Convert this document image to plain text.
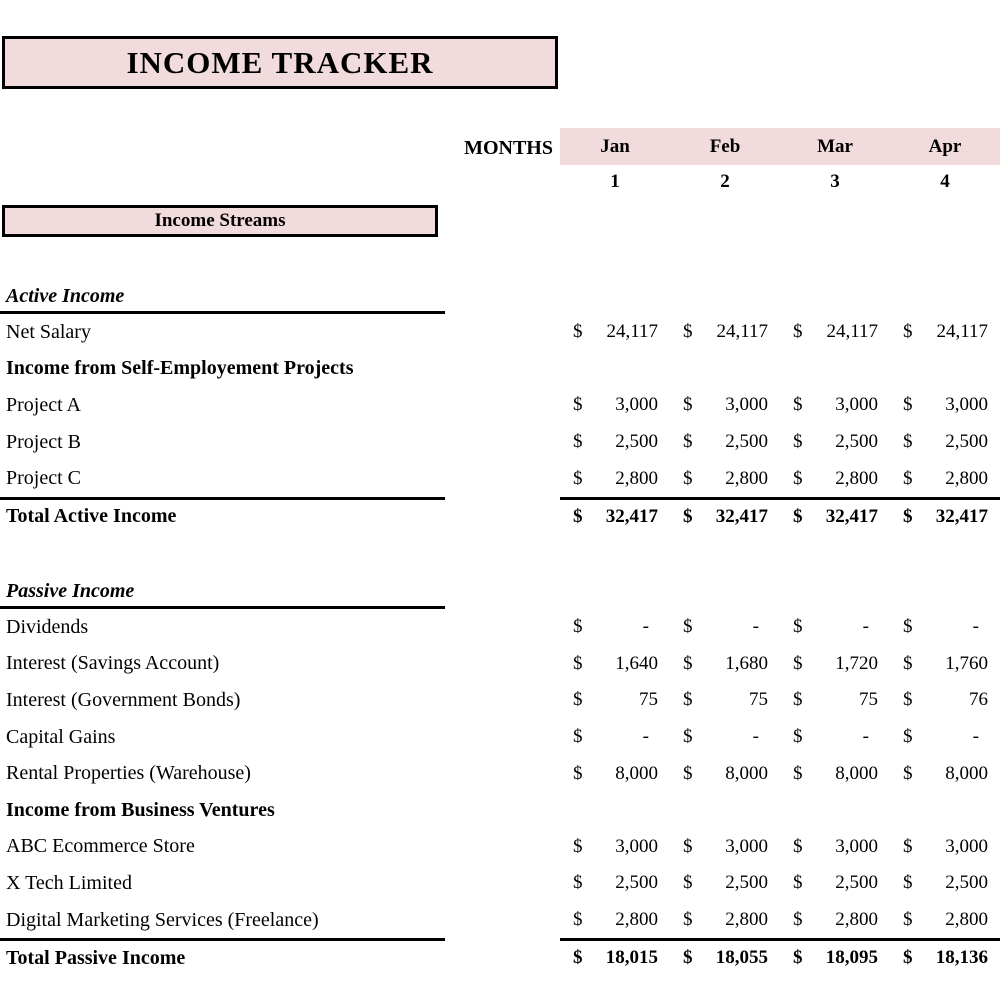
INCOME TRACKER
MONTHS	Jan	Feb	Mar	Apr
1	2	3	4
Income Streams
Active Income
Net Salary	$ 24,117 $ 24,117 $ 24,117 $ 24,117
Income from Self-Employement Projects
Project A	$ 3,000 $ 3,000 $ 3,000 $ 3,000
Project B	$ 2,500 $ 2,500 $ 2,500 $ 2,500
Project C	$ 2,800 $ 2,800 $ 2,800 $ 2,800
Total Active Income	$ 32,417 $ 32,417 $ 32,417 $ 32,417
Passive Income
Dividends	$	-	$	-	$	-	$	-
Interest (Savings Account)	$ 1,640 $ 1,680 $ 1,720 $ 1,760
Interest (Government Bonds)	$	75 $	75 $	75 $	76
Capital Gains	$	-	$	-	$	-	$	-
Rental Properties (Warehouse)	$ 8,000 $ 8,000 $ 8,000 $ 8,000
Income from Business Ventures
ABC Ecommerce Store	$ 3,000 $ 3,000 $ 3,000 $ 3,000
X Tech Limited	$ 2,500 $ 2,500 $ 2,500 $ 2,500
Digital Marketing Services (Freelance)	$ 2,800 $ 2,800 $ 2,800 $ 2,800
Total Passive Income	$ 18,015 $ 18,055 $ 18,095 $ 18,136
